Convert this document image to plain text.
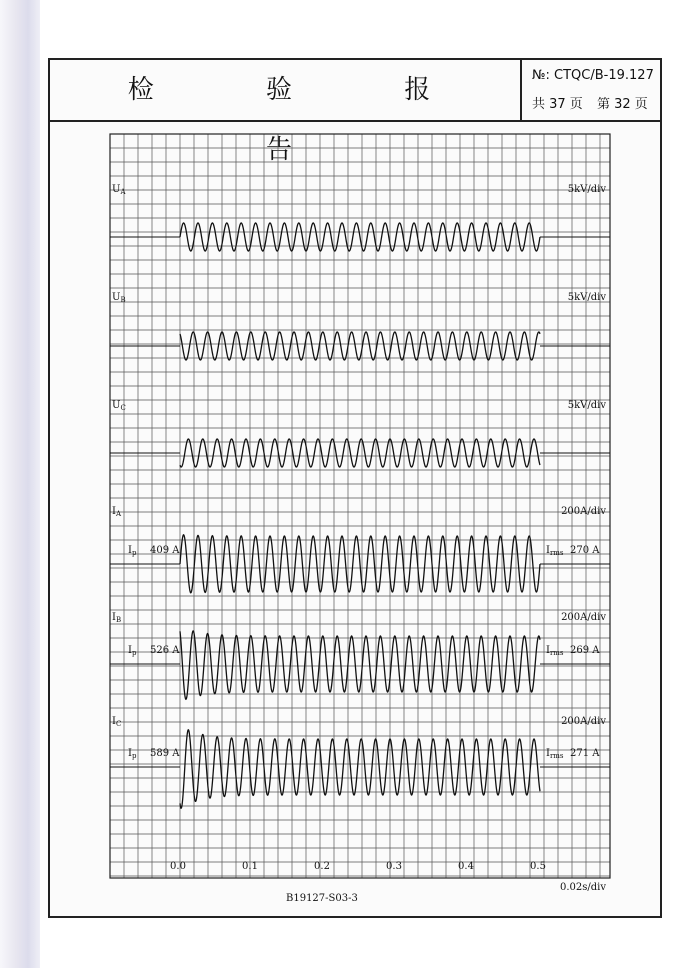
检 验 报 告
№: CTQC/B-19.127
共 37 页 第 32 页
$U_A$	5kV/div
$U_B$	5kV/div
$U_C$	5kV/div
$I_A$	200A/div
$I_p$ 409 A	$I_{rms}$ 270 A
$I_B$	200A/div
$I_p$ 526 A	$I_{rms}$ 269 A
$I_C$	200A/div
$I_p$ 589 A	$I_{rms}$ 271 A
0.0	0.1	0.2	0.3	0.4	0.5
0.02s/div
B19127-S03-3
